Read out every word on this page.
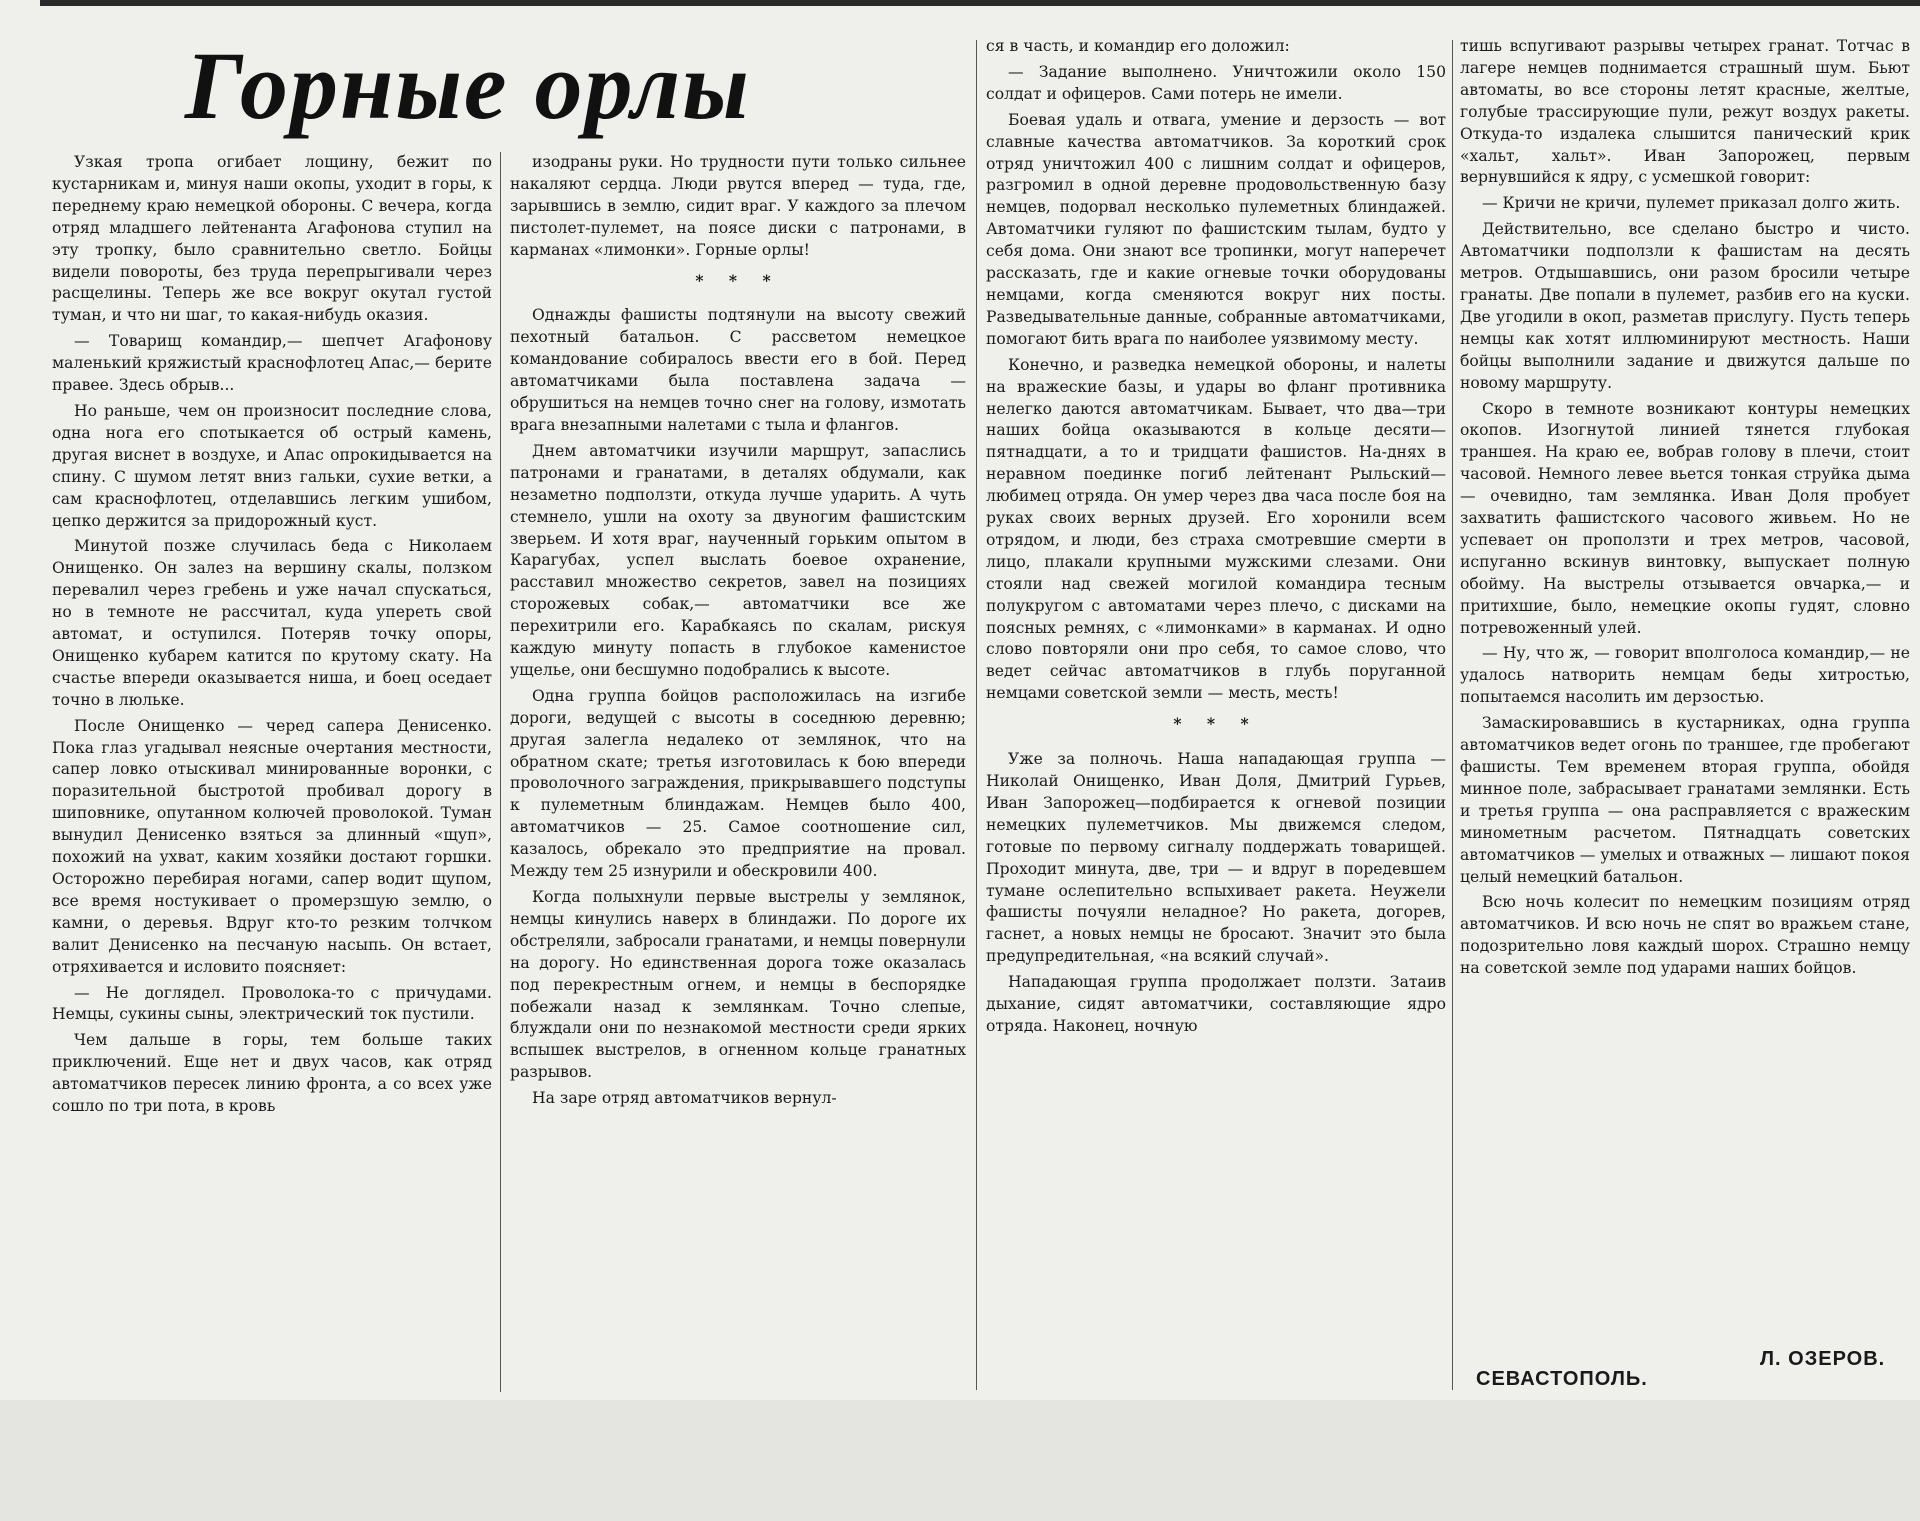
Горные орлы

Узкая тропа огибает лощину, бежит по кустарникам и, минуя наши окопы, уходит в горы, к переднему краю немецкой обороны. С вечера, когда отряд младшего лейтенанта Агафонова ступил на эту тропку, было сравнительно светло. Бойцы видели повороты, без труда перепрыгивали через расщелины. Теперь же все вокруг окутал густой туман, и что ни шаг, то какая-нибудь оказия.

— Товарищ командир,— шепчет Агафонову маленький кряжистый краснофлотец Апас,— берите правее. Здесь обрыв...

Но раньше, чем он произносит последние слова, одна нога его спотыкается об острый камень, другая виснет в воздухе, и Апас опрокидывается на спину. С шумом летят вниз гальки, сухие ветки, а сам краснофлотец, отделавшись легким ушибом, цепко держится за придорожный куст.

Минутой позже случилась беда с Николаем Онищенко. Он залез на вершину скалы, ползком перевалил через гребень и уже начал спускаться, но в темноте не рассчитал, куда упереть свой автомат, и оступился. Потеряв точку опоры, Онищенко кубарем катится по крутому скату. На счастье впереди оказывается ниша, и боец оседает точно в люльке.

После Онищенко — черед сапера Денисенко. Пока глаз угадывал неясные очертания местности, сапер ловко отыскивал минированные воронки, с поразительной быстротой пробивал дорогу в шиповнике, опутанном колючей проволокой. Туман вынудил Денисенко взяться за длинный «щуп», похожий на ухват, каким хозяйки достают горшки. Осторожно перебирая ногами, сапер водит щупом, все время ностукивает о промерзшую землю, о камни, о деревья. Вдруг кто-то резким толчком валит Денисенко на песчаную насыпь. Он встает, отряхивается и исловито поясняет:

— Не доглядел. Проволока-то с причудами. Немцы, сукины сыны, электрический ток пустили.

Чем дальше в горы, тем больше таких приключений. Еще нет и двух часов, как отряд автоматчиков пересек линию фронта, а со всех уже сошло по три пота, в кровь

изодраны руки. Но трудности пути только сильнее накаляют сердца. Люди рвутся вперед — туда, где, зарывшись в землю, сидит враг. У каждого за плечом пистолет-пулемет, на поясе диски с патронами, в карманах «лимонки». Горные орлы!

* * *

Однажды фашисты подтянули на высоту свежий пехотный батальон. С рассветом немецкое командование собиралось ввести его в бой. Перед автоматчиками была поставлена задача — обрушиться на немцев точно снег на голову, измотать врага внезапными налетами с тыла и флангов.

Днем автоматчики изучили маршрут, запаслись патронами и гранатами, в деталях обдумали, как незаметно подползти, откуда лучше ударить. А чуть стемнело, ушли на охоту за двуногим фашистским зверьем. И хотя враг, наученный горьким опытом в Карагубах, успел выслать боевое охранение, расставил множество секретов, завел на позициях сторожевых собак,— автоматчики все же перехитрили его. Карабкаясь по скалам, рискуя каждую минуту попасть в глубокое каменистое ущелье, они бесшумно подобрались к высоте.

Одна группа бойцов расположилась на изгибе дороги, ведущей с высоты в соседнюю деревню; другая залегла недалеко от землянок, что на обратном скате; третья изготовилась к бою впереди проволочного заграждения, прикрывавшего подступы к пулеметным блиндажам. Немцев было 400, автоматчиков — 25. Самое соотношение сил, казалось, обрекало это предприятие на провал. Между тем 25 изнурили и обескровили 400.

Когда полыхнули первые выстрелы у землянок, немцы кинулись наверх в блиндажи. По дороге их обстреляли, забросали гранатами, и немцы повернули на дорогу. Но единственная дорога тоже оказалась под перекрестным огнем, и немцы в беспорядке побежали назад к землянкам. Точно слепые, блуждали они по незнакомой местности среди ярких вспышек выстрелов, в огненном кольце гранатных разрывов.

На заре отряд автоматчиков вернул-

ся в часть, и командир его доложил:

— Задание выполнено. Уничтожили около 150 солдат и офицеров. Сами потерь не имели.

Боевая удаль и отвага, умение и дерзость — вот славные качества автоматчиков. За короткий срок отряд уничтожил 400 с лишним солдат и офицеров, разгромил в одной деревне продовольственную базу немцев, подорвал несколько пулеметных блиндажей. Автоматчики гуляют по фашистским тылам, будто у себя дома. Они знают все тропинки, могут наперечет рассказать, где и какие огневые точки оборудованы немцами, когда сменяются вокруг них посты. Разведывательные данные, собранные автоматчиками, помогают бить врага по наиболее уязвимому месту.

Конечно, и разведка немецкой обороны, и налеты на вражеские базы, и удары во фланг противника нелегко даются автоматчикам. Бывает, что два—три наших бойца оказываются в кольце десяти—пятнадцати, а то и тридцати фашистов. На-днях в неравном поединке погиб лейтенант Рыльский—любимец отряда. Он умер через два часа после боя на руках своих верных друзей. Его хоронили всем отрядом, и люди, без страха смотревшие смерти в лицо, плакали крупными мужскими слезами. Они стояли над свежей могилой командира тесным полукругом с автоматами через плечо, с дисками на поясных ремнях, с «лимонками» в карманах. И одно слово повторяли они про себя, то самое слово, что ведет сейчас автоматчиков в глубь поруганной немцами советской земли — месть, месть!

* * *

Уже за полночь. Наша нападающая группа — Николай Онищенко, Иван Доля, Дмитрий Гурьев, Иван Запорожец—подбирается к огневой позиции немецких пулеметчиков. Мы движемся следом, готовые по первому сигналу поддержать товарищей. Проходит минута, две, три — и вдруг в поредевшем тумане ослепительно вспыхивает ракета. Неужели фашисты почуяли неладное? Но ракета, догорев, гаснет, а новых немцы не бросают. Значит это была предупредительная, «на всякий случай».

Нападающая группа продолжает ползти. Затаив дыхание, сидят автоматчики, составляющие ядро отряда. Наконец, ночную

тишь вспугивают разрывы четырех гранат. Тотчас в лагере немцев поднимается страшный шум. Бьют автоматы, во все стороны летят красные, желтые, голубые трассирующие пули, режут воздух ракеты. Откуда-то издалека слышится панический крик «хальт, хальт». Иван Запорожец, первым вернувшийся к ядру, с усмешкой говорит:

— Кричи не кричи, пулемет приказал долго жить.

Действительно, все сделано быстро и чисто. Автоматчики подползли к фашистам на десять метров. Отдышавшись, они разом бросили четыре гранаты. Две попали в пулемет, разбив его на куски. Две угодили в окоп, разметав прислугу. Пусть теперь немцы как хотят иллюминируют местность. Наши бойцы выполнили задание и движутся дальше по новому маршруту.

Скоро в темноте возникают контуры немецких окопов. Изогнутой линией тянется глубокая траншея. На краю ее, вобрав голову в плечи, стоит часовой. Немного левее вьется тонкая струйка дыма — очевидно, там землянка. Иван Доля пробует захватить фашистского часового живьем. Но не успевает он проползти и трех метров, часовой, испуганно вскинув винтовку, выпускает полную обойму. На выстрелы отзывается овчарка,— и притихшие, было, немецкие окопы гудят, словно потревоженный улей.

— Ну, что ж, — говорит вполголоса командир,— не удалось натворить немцам беды хитростью, попытаемся насолить им дерзостью.

Замаскировавшись в кустарниках, одна группа автоматчиков ведет огонь по траншее, где пробегают фашисты. Тем временем вторая группа, обойдя минное поле, забрасывает гранатами землянки. Есть и третья группа — она расправляется с вражеским минометным расчетом. Пятнадцать советских автоматчиков — умелых и отважных — лишают покоя целый немецкий батальон.

Всю ночь колесит по немецким позициям отряд автоматчиков. И всю ночь не спят во вражьем стане, подозрительно ловя каждый шорох. Страшно немцу на советской земле под ударами наших бойцов.

Л. ОЗЕРОВ.
СЕВАСТОПОЛЬ.
